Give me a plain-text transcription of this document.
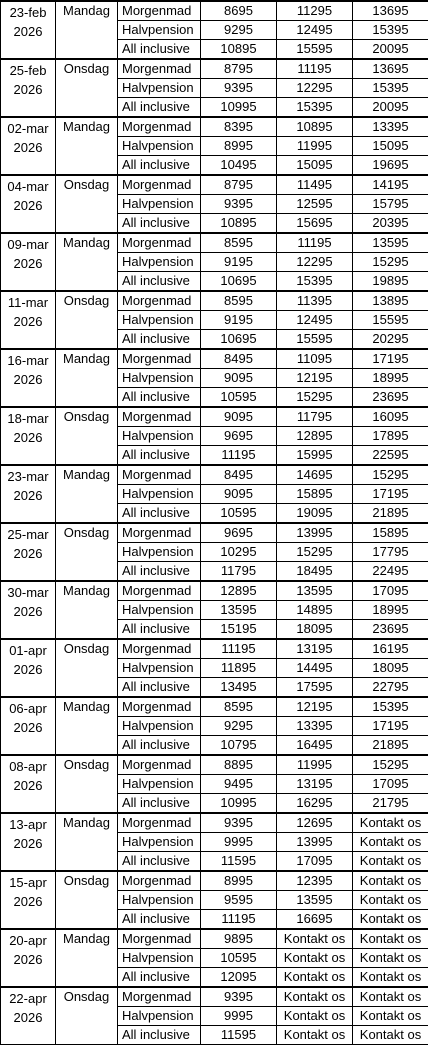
23-feb
2026	Mandag	Morgenmad	8695	11295	13695
		Halvpension	9295	12495	15395
		All inclusive	10895	15595	20095
25-feb
2026	Onsdag	Morgenmad	8795	11195	13695
		Halvpension	9395	12295	15395
		All inclusive	10995	15395	20095
02-mar
2026	Mandag	Morgenmad	8395	10895	13395
		Halvpension	8995	11995	15095
		All inclusive	10495	15095	19695
04-mar
2026	Onsdag	Morgenmad	8795	11495	14195
		Halvpension	9395	12595	15795
		All inclusive	10895	15695	20395
09-mar
2026	Mandag	Morgenmad	8595	11195	13595
		Halvpension	9195	12295	15295
		All inclusive	10695	15395	19895
11-mar
2026	Onsdag	Morgenmad	8595	11395	13895
		Halvpension	9195	12495	15595
		All inclusive	10695	15595	20295
16-mar
2026	Mandag	Morgenmad	8495	11095	17195
		Halvpension	9095	12195	18995
		All inclusive	10595	15295	23695
18-mar
2026	Onsdag	Morgenmad	9095	11795	16095
		Halvpension	9695	12895	17895
		All inclusive	11195	15995	22595
23-mar
2026	Mandag	Morgenmad	8495	14695	15295
		Halvpension	9095	15895	17195
		All inclusive	10595	19095	21895
25-mar
2026	Onsdag	Morgenmad	9695	13995	15895
		Halvpension	10295	15295	17795
		All inclusive	11795	18495	22495
30-mar
2026	Mandag	Morgenmad	12895	13595	17095
		Halvpension	13595	14895	18995
		All inclusive	15195	18095	23695
01-apr
2026	Onsdag	Morgenmad	11195	13195	16195
		Halvpension	11895	14495	18095
		All inclusive	13495	17595	22795
06-apr
2026	Mandag	Morgenmad	8595	12195	15395
		Halvpension	9295	13395	17195
		All inclusive	10795	16495	21895
08-apr
2026	Onsdag	Morgenmad	8895	11995	15295
		Halvpension	9495	13195	17095
		All inclusive	10995	16295	21795
13-apr
2026	Mandag	Morgenmad	9395	12695	Kontakt os
		Halvpension	9995	13995	Kontakt os
		All inclusive	11595	17095	Kontakt os
15-apr
2026	Onsdag	Morgenmad	8995	12395	Kontakt os
		Halvpension	9595	13595	Kontakt os
		All inclusive	11195	16695	Kontakt os
20-apr
2026	Mandag	Morgenmad	9895	Kontakt os	Kontakt os
		Halvpension	10595	Kontakt os	Kontakt os
		All inclusive	12095	Kontakt os	Kontakt os
22-apr
2026	Onsdag	Morgenmad	9395	Kontakt os	Kontakt os
		Halvpension	9995	Kontakt os	Kontakt os
		All inclusive	11595	Kontakt os	Kontakt os
